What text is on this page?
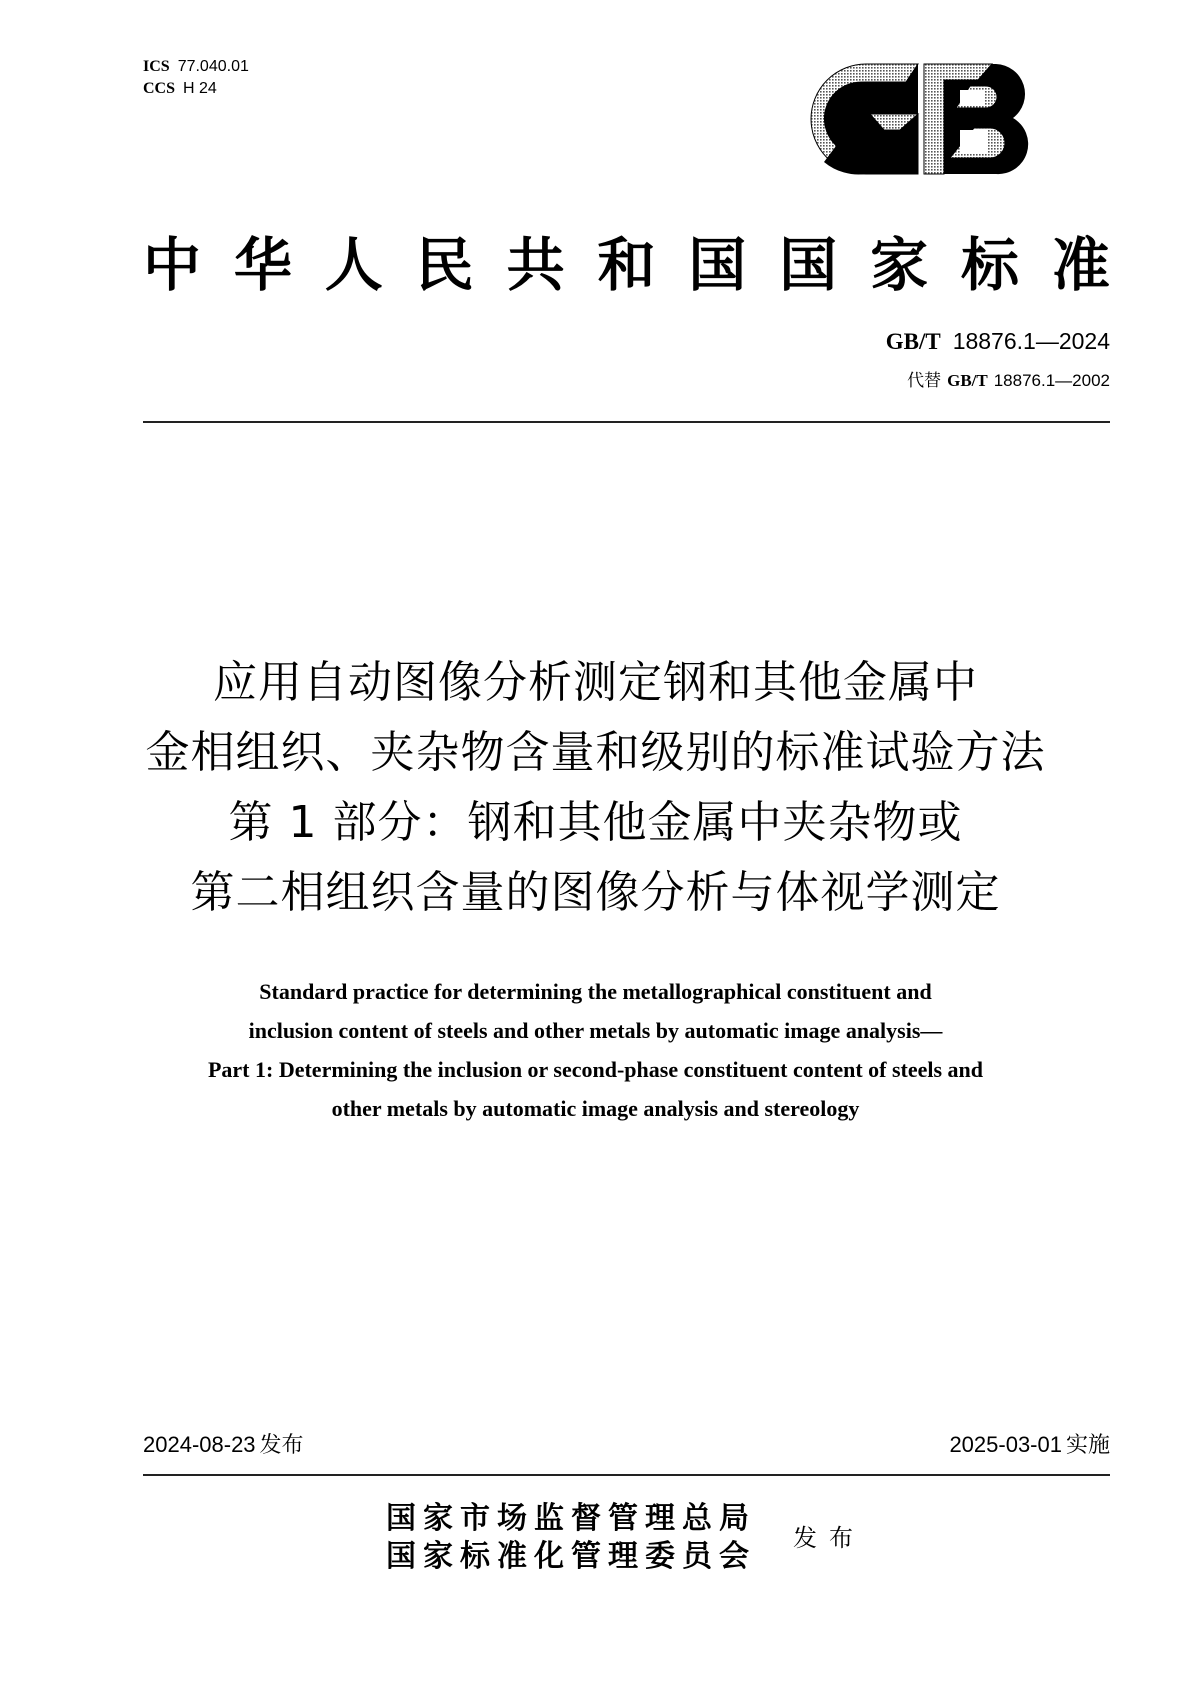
ICS 77.040.01
CCS H 24
中 华 人 民 共 和 国 国 家 标 准
GB/T 18876.1—2024
代替 GB/T 18876.1—2002
应用自动图像分析测定钢和其他金属中
金相组织、夹杂物含量和级别的标准试验方法
第 1 部分：钢和其他金属中夹杂物或
第二相组织含量的图像分析与体视学测定
Standard practice for determining the metallographical constituent and
inclusion content of steels and other metals by automatic image analysis—
Part 1: Determining the inclusion or second-phase constituent content of steels and
other metals by automatic image analysis and stereology
2024-08-23 发布	2025-03-01 实施
国家市场监督管理总局
国家标准化管理委员会
发布
